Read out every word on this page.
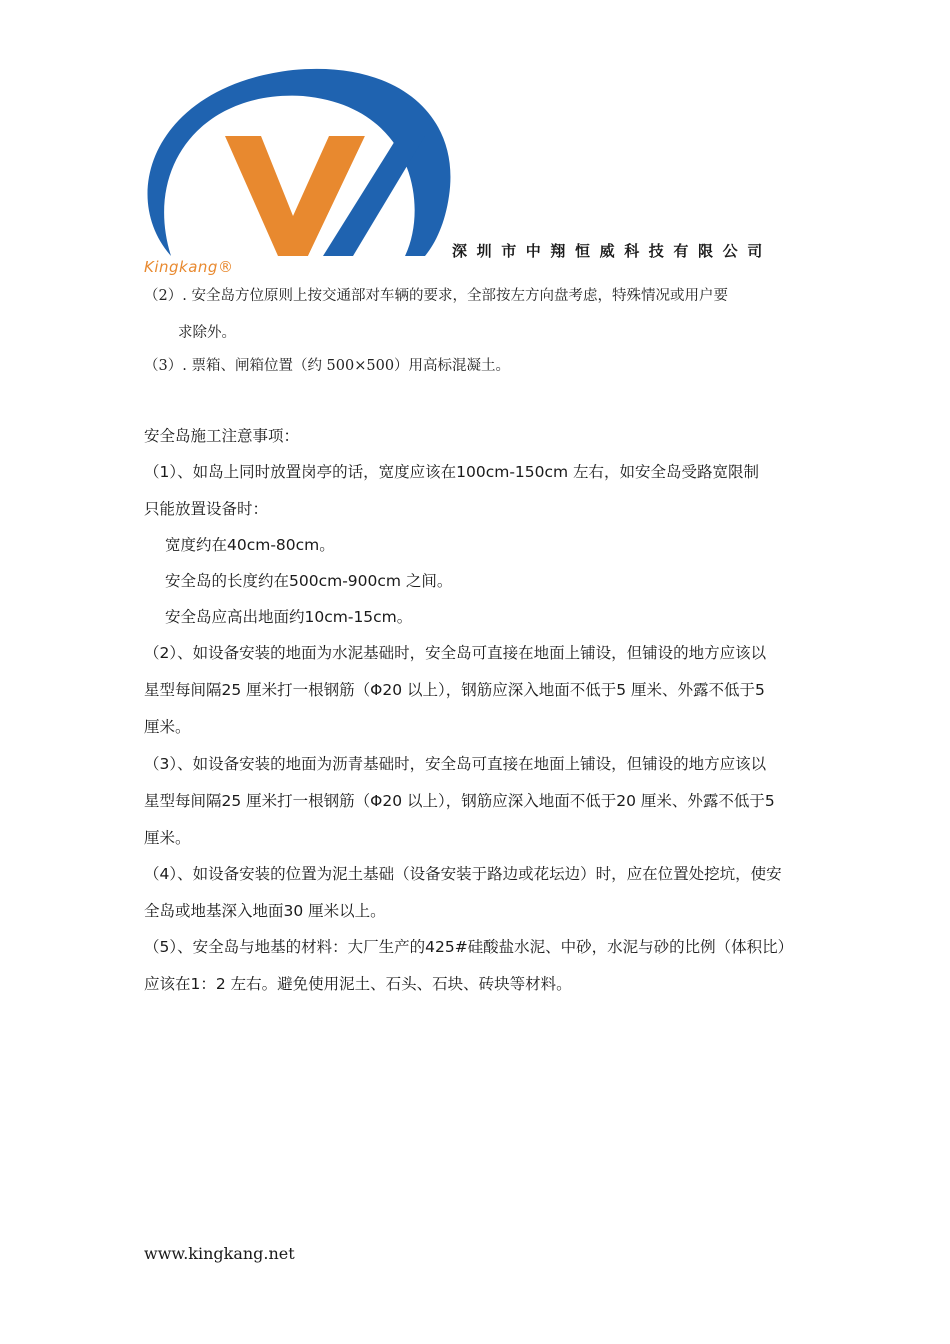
Kingkang®
深圳市中翔恒威科技有限公司
（2）. 安全岛方位原则上按交通部对车辆的要求，全部按左方向盘考虑，特殊情况或用户要
求除外。
（3）. 票箱、闸箱位置（约 500×500）用高标混凝土。
安全岛施工注意事项：
（1）、如岛上同时放置岗亭的话，宽度应该在100cm-150cm 左右，如安全岛受路宽限制
只能放置设备时：
宽度约在40cm-80cm。
安全岛的长度约在500cm-900cm 之间。
安全岛应高出地面约10cm-15cm。
（2）、如设备安装的地面为水泥基础时，安全岛可直接在地面上铺设，但铺设的地方应该以
星型每间隔25 厘米打一根钢筋（Φ20 以上），钢筋应深入地面不低于5 厘米、外露不低于5
厘米。
（3）、如设备安装的地面为沥青基础时，安全岛可直接在地面上铺设，但铺设的地方应该以
星型每间隔25 厘米打一根钢筋（Φ20 以上），钢筋应深入地面不低于20 厘米、外露不低于5
厘米。
（4）、如设备安装的位置为泥土基础（设备安装于路边或花坛边）时，应在位置处挖坑，使安
全岛或地基深入地面30 厘米以上。
（5）、安全岛与地基的材料：大厂生产的425#硅酸盐水泥、中砂，水泥与砂的比例（体积比）
应该在1：2 左右。避免使用泥土、石头、石块、砖块等材料。
www.kingkang.net
